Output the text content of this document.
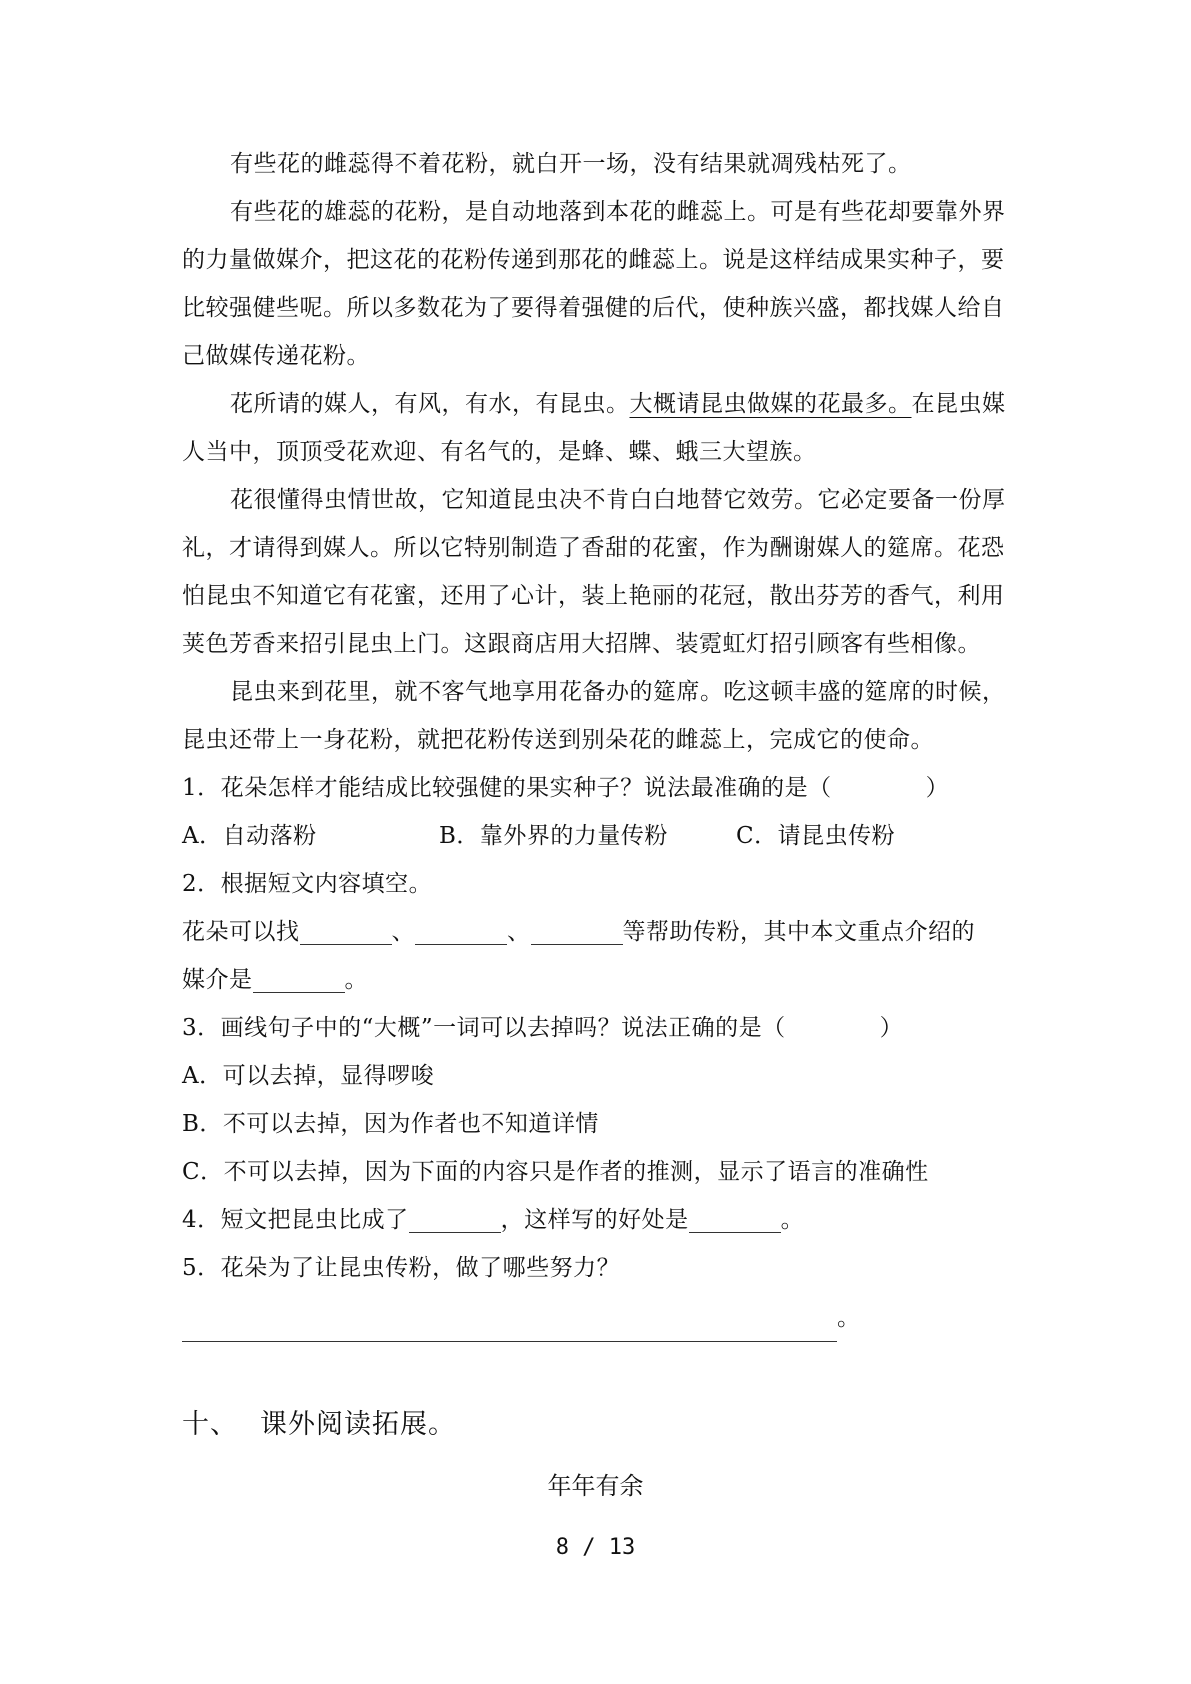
有些花的雌蕊得不着花粉，就白开一场，没有结果就凋残枯死了。

有些花的雄蕊的花粉，是自动地落到本花的雌蕊上。可是有些花却要靠外界的力量做媒介，把这花的花粉传递到那花的雌蕊上。说是这样结成果实种子，要比较强健些呢。所以多数花为了要得着强健的后代，使种族兴盛，都找媒人给自己做媒传递花粉。

花所请的媒人，有风，有水，有昆虫。大概请昆虫做媒的花最多。在昆虫媒人当中，顶顶受花欢迎、有名气的，是蜂、蝶、蛾三大望族。

花很懂得虫情世故，它知道昆虫决不肯白白地替它效劳。它必定要备一份厚礼，才请得到媒人。所以它特别制造了香甜的花蜜，作为酬谢媒人的筵席。花恐怕昆虫不知道它有花蜜，还用了心计，装上艳丽的花冠，散出芬芳的香气，利用荚色芳香来招引昆虫上门。这跟商店用大招牌、装霓虹灯招引顾客有些相像。

昆虫来到花里，就不客气地享用花备办的筵席。吃这顿丰盛的筵席的时候，昆虫还带上一身花粉，就把花粉传送到别朵花的雌蕊上，完成它的使命。

1．花朵怎样才能结成比较强健的果实种子？说法最准确的是（　　　　）

A．自动落粉	B．靠外界的力量传粉	C．请昆虫传粉

2．根据短文内容填空。

花朵可以找	、	、	等帮助传粉，其中本文重点介绍的

媒介是	。

3．画线句子中的“大概”一词可以去掉吗？说法正确的是（　　　　）

A．可以去掉，显得啰唆

B．不可以去掉，因为作者也不知道详情

C．不可以去掉，因为下面的内容只是作者的推测，显示了语言的准确性

4．短文把昆虫比成了	，这样写的好处是	。

5．花朵为了让昆虫传粉，做了哪些努力？

。
十、 课外阅读拓展。
年年有余
8 / 13
